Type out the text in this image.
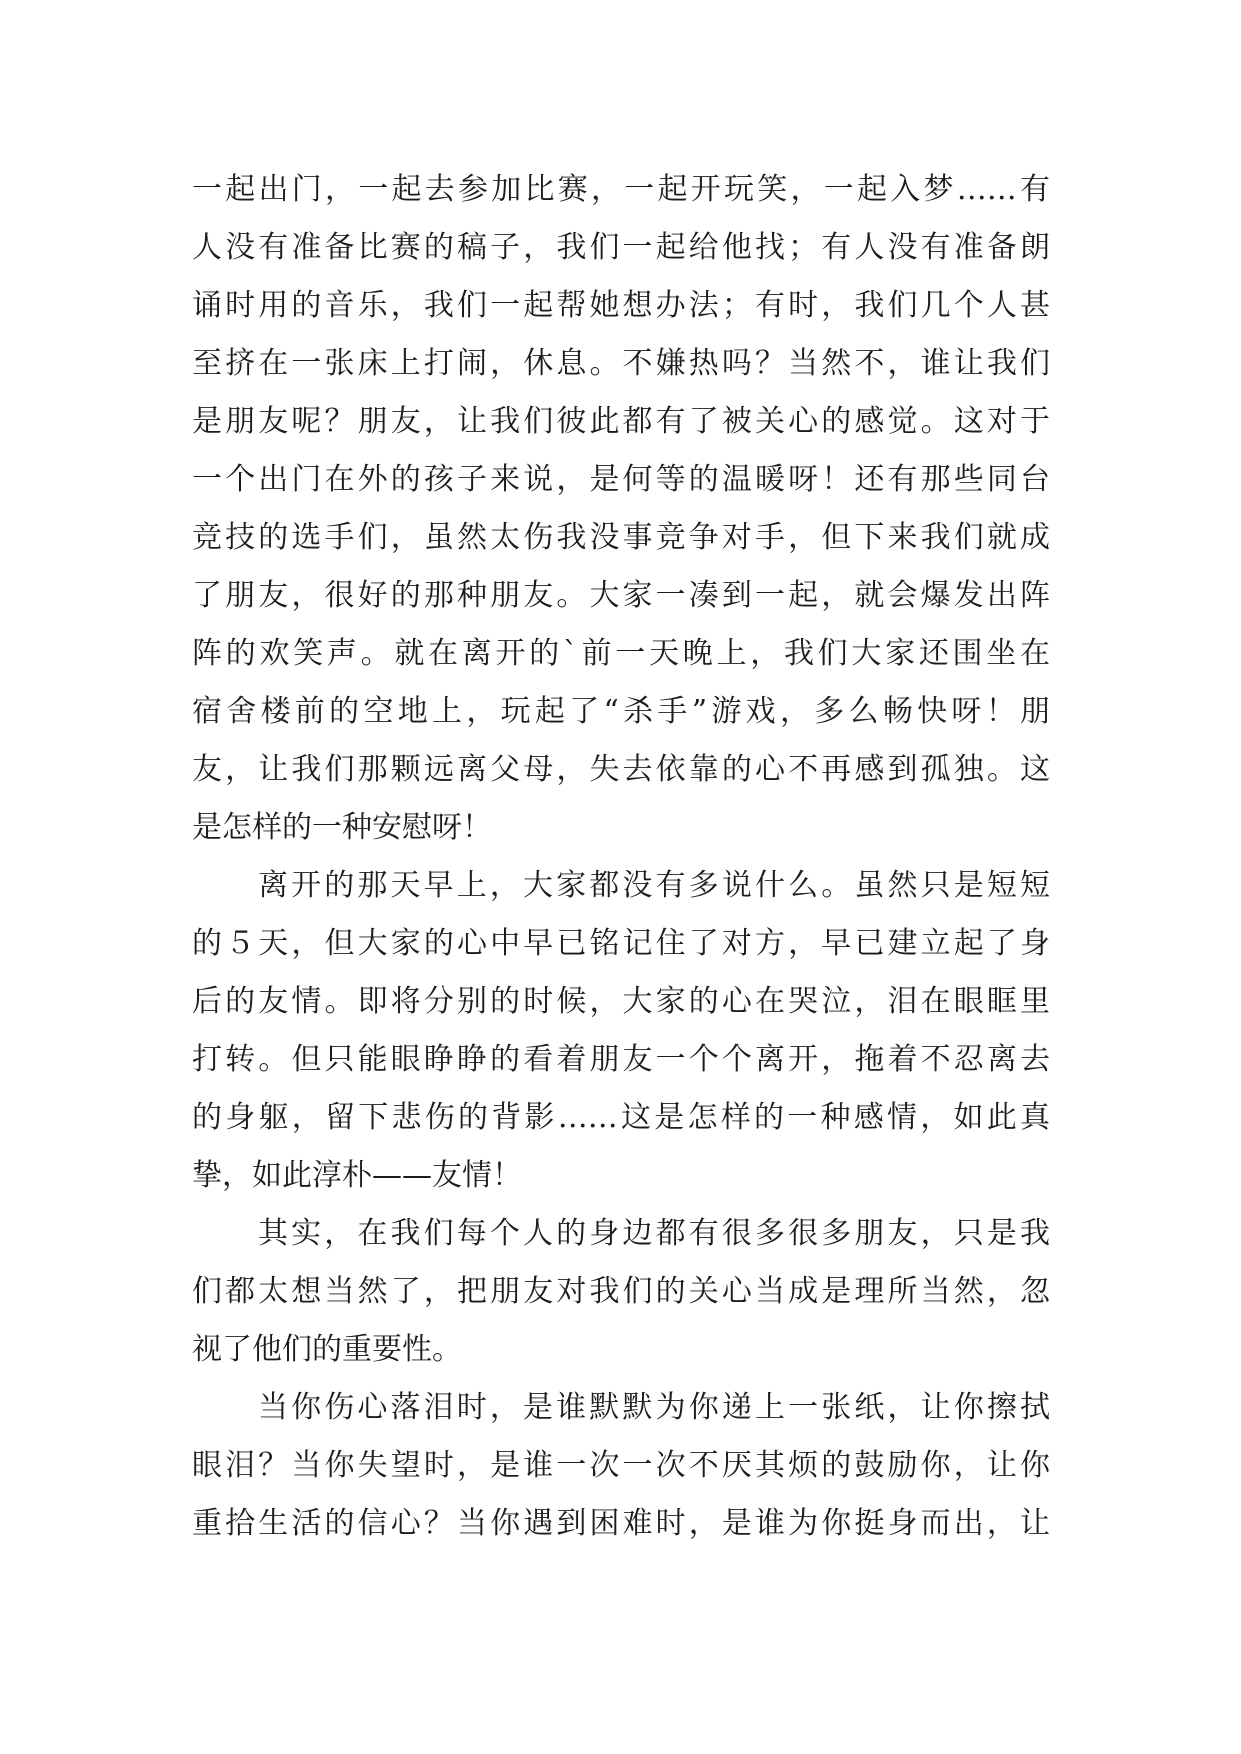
一起出门，一起去参加比赛，一起开玩笑，一起入梦……有
人没有准备比赛的稿子，我们一起给他找；有人没有准备朗
诵时用的音乐，我们一起帮她想办法；有时，我们几个人甚
至挤在一张床上打闹，休息。不嫌热吗？当然不，谁让我们
是朋友呢？朋友，让我们彼此都有了被关心的感觉。这对于
一个出门在外的孩子来说，是何等的温暖呀！还有那些同台
竞技的选手们，虽然太伤我没事竞争对手，但下来我们就成
了朋友，很好的那种朋友。大家一凑到一起，就会爆发出阵
阵的欢笑声。就在离开的`前一天晚上，我们大家还围坐在
宿舍楼前的空地上，玩起了“杀手”游戏，多么畅快呀！朋
友，让我们那颗远离父母，失去依靠的心不再感到孤独。这
是怎样的一种安慰呀！
离开的那天早上，大家都没有多说什么。虽然只是短短
的５天，但大家的心中早已铭记住了对方，早已建立起了身
后的友情。即将分别的时候，大家的心在哭泣，泪在眼眶里
打转。但只能眼睁睁的看着朋友一个个离开，拖着不忍离去
的身躯，留下悲伤的背影……这是怎样的一种感情，如此真
挚，如此淳朴——友情！
其实，在我们每个人的身边都有很多很多朋友，只是我
们都太想当然了，把朋友对我们的关心当成是理所当然，忽
视了他们的重要性。
当你伤心落泪时，是谁默默为你递上一张纸，让你擦拭
眼泪？当你失望时，是谁一次一次不厌其烦的鼓励你，让你
重拾生活的信心？当你遇到困难时，是谁为你挺身而出，让
